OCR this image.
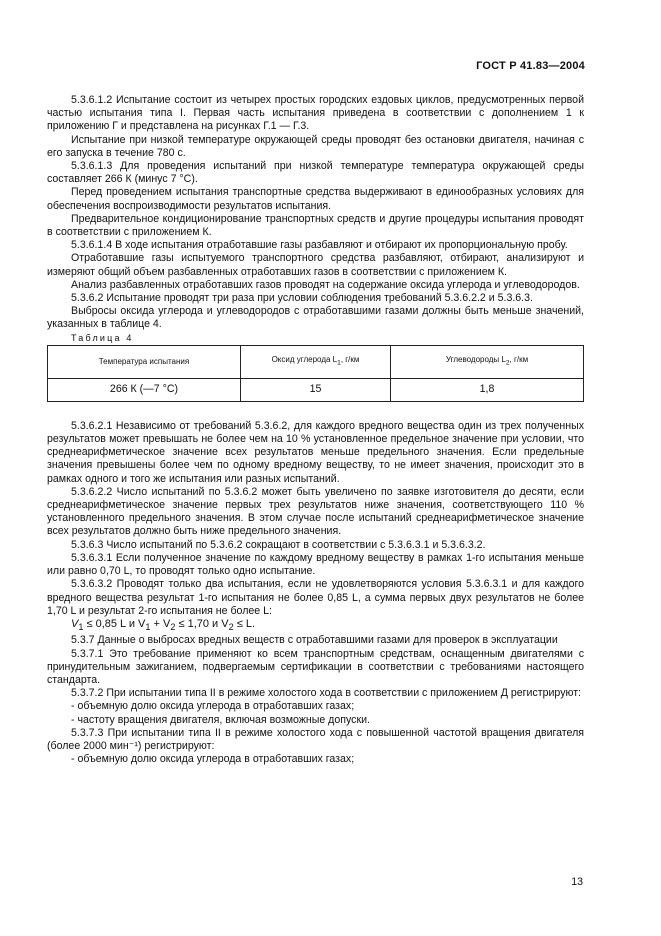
ГОСТ Р 41.83—2004

5.3.6.1.2 Испытание состоит из четырех простых городских ездовых циклов, предусмотренных первой частью испытания типа I. Первая часть испытания приведена в соответствии с дополнением 1 к приложению Г и представлена на рисунках Г.1 — Г.3.

Испытание при низкой температуре окружающей среды проводят без остановки двигателя, начиная с его запуска в течение 780 с.

5.3.6.1.3 Для проведения испытаний при низкой температуре температура окружающей среды составляет 266 К (минус 7 °С).

Перед проведением испытания транспортные средства выдерживают в единообразных условиях для обеспечения воспроизводимости результатов испытания.

Предварительное кондиционирование транспортных средств и другие процедуры испытания проводят в соответствии с приложением К.

5.3.6.1.4 В ходе испытания отработавшие газы разбавляют и отбирают их пропорциональную пробу.

Отработавшие газы испытуемого транспортного средства разбавляют, отбирают, анализируют и измеряют общий объем разбавленных отработавших газов в соответствии с приложением К.

Анализ разбавленных отработавших газов проводят на содержание оксида углерода и углеводородов.

5.3.6.2 Испытание проводят три раза при условии соблюдения требований 5.3.6.2.2 и 5.3.6.3.

Выбросы оксида углерода и углеводородов с отработавшими газами должны быть меньше значений, указанных в таблице 4.

Таблица 4

Температура испытания	Оксид углерода $L_1$, г/км	Углеводороды $L_2$, г/км
266 К (—7 °С)	15	1,8

5.3.6.2.1 Независимо от требований 5.3.6.2, для каждого вредного вещества один из трех полученных результатов может превышать не более чем на 10 % установленное предельное значение при условии, что среднеарифметическое значение всех результатов меньше предельного значения. Если предельные значения превышены более чем по одному вредному веществу, то не имеет значения, происходит это в рамках одного и того же испытания или разных испытаний.

5.3.6.2.2 Число испытаний по 5.3.6.2 может быть увеличено по заявке изготовителя до десяти, если среднеарифметическое значение первых трех результатов ниже значения, соответствующего 110 % установленного предельного значения. В этом случае после испытаний среднеарифметическое значение всех результатов должно быть ниже предельного значения.

5.3.6.3 Число испытаний по 5.3.6.2 сокращают в соответствии с 5.3.6.3.1 и 5.3.6.3.2.

5.3.6.3.1 Если полученное значение по каждому вредному веществу в рамках 1-го испытания меньше или равно 0,70 L, то проводят только одно испытание.

5.3.6.3.2 Проводят только два испытания, если не удовлетворяются условия 5.3.6.3.1 и для каждого вредного вещества результат 1-го испытания не более 0,85 L, а сумма первых двух результатов не более 1,70 L и результат 2-го испытания не более L:

$V_1 \le 0,85$ L и $V_1 + V_2 \le 1,70$ и $V_2 \le L$.

5.3.7 Данные о выбросах вредных веществ с отработавшими газами для проверок в эксплуатации

5.3.7.1 Это требование применяют ко всем транспортным средствам, оснащенным двигателями с принудительным зажиганием, подвергаемым сертификации в соответствии с требованиями настоящего стандарта.

5.3.7.2 При испытании типа II в режиме холостого хода в соответствии с приложением Д регистрируют:

- объемную долю оксида углерода в отработавших газах;

- частоту вращения двигателя, включая возможные допуски.

5.3.7.3 При испытании типа II в режиме холостого хода с повышенной частотой вращения двигателя (более 2000 мин⁻¹) регистрируют:

- объемную долю оксида углерода в отработавших газах;

13
